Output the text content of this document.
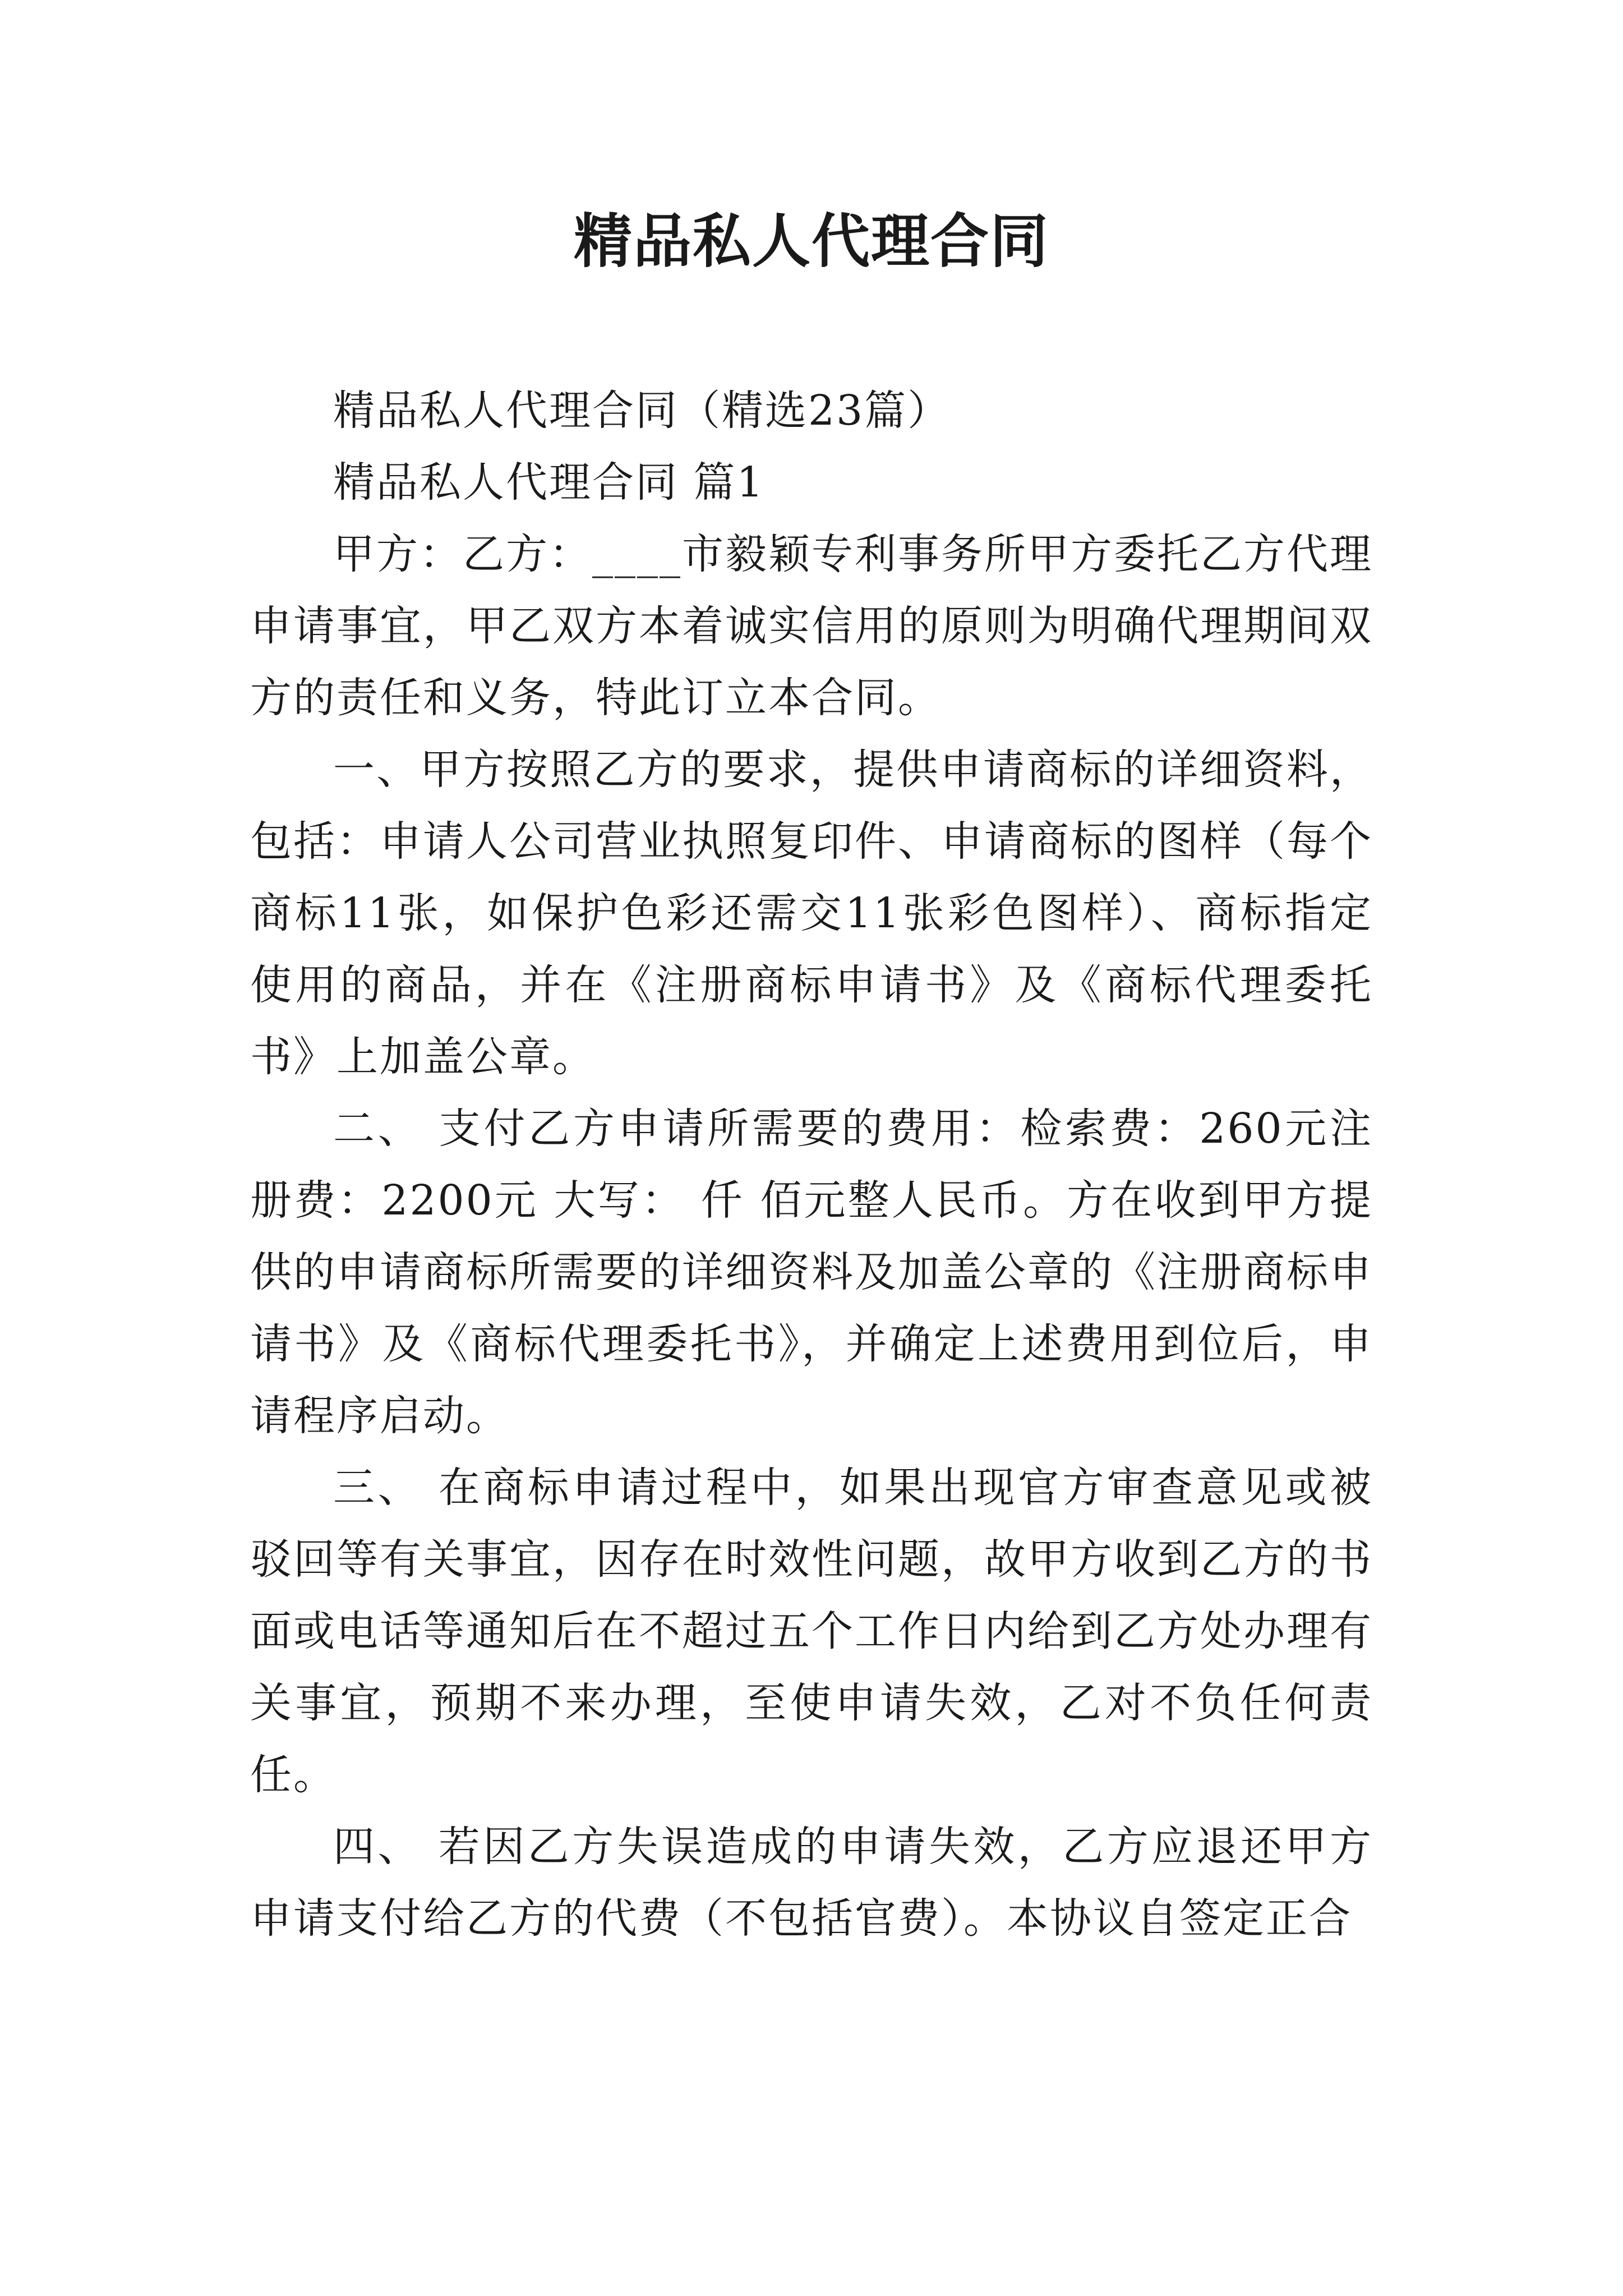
精品私人代理合同

精品私人代理合同（精选23篇）

精品私人代理合同 篇1

甲方：乙方：____市毅颖专利事务所甲方委托乙方代理申请事宜，甲乙双方本着诚实信用的原则为明确代理期间双方的责任和义务，特此订立本合同。

一、甲方按照乙方的要求，提供申请商标的详细资料，包括：申请人公司营业执照复印件、申请商标的图样（每个商标11张，如保护色彩还需交11张彩色图样）、商标指定使用的商品，并在《注册商标申请书》及《商标代理委托书》上加盖公章。

二、 支付乙方申请所需要的费用：检索费：260元注册费：2200元 大写： 仟 佰元整人民币。方在收到甲方提供的申请商标所需要的详细资料及加盖公章的《注册商标申请书》及《商标代理委托书》，并确定上述费用到位后，申请程序启动。

三、 在商标申请过程中，如果出现官方审查意见或被驳回等有关事宜，因存在时效性问题，故甲方收到乙方的书面或电话等通知后在不超过五个工作日内给到乙方处办理有关事宜，预期不来办理，至使申请失效，乙对不负任何责任。

四、 若因乙方失误造成的申请失效，乙方应退还甲方申请支付给乙方的代费（不包括官费）。本协议自签定正合
